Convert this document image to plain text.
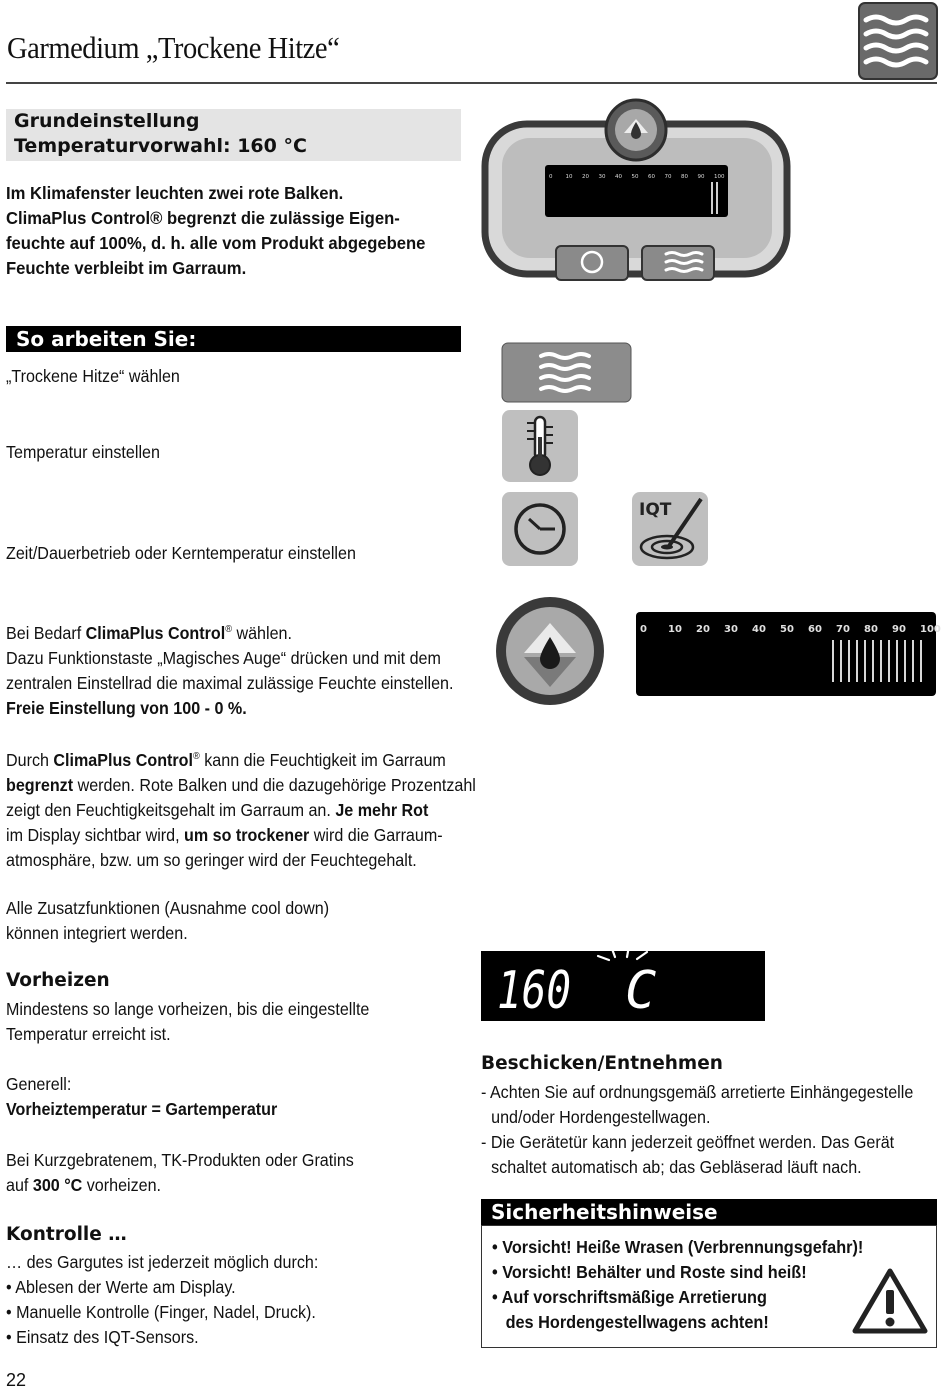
Garmedium „Trockene Hitze“
Grundeinstellung
Temperaturvorwahl: 160 °C
Im Klimafenster leuchten zwei rote Balken.
ClimaPlus Control® begrenzt die zulässige Eigen-
feuchte auf 100%, d. h. alle vom Produkt abgegebene
Feuchte verbleibt im Garraum.
0 10 20 30 40 50 60 70 80 90 100
So arbeiten Sie:
„Trockene Hitze“ wählen
Temperatur einstellen
Zeit/Dauerbetrieb oder Kerntemperatur einstellen
IQT
Bei Bedarf ClimaPlus Control® wählen.
Dazu Funktionstaste „Magisches Auge“ drücken und mit dem
zentralen Einstellrad die maximal zulässige Feuchte einstellen.
Freie Einstellung von 100 - 0 %.
0 10 20 30 40 50 60 70 80 90 100
Durch ClimaPlus Control® kann die Feuchtigkeit im Garraum
begrenzt werden. Rote Balken und die dazugehörige Prozentzahl
zeigt den Feuchtigkeitsgehalt im Garraum an. Je mehr Rot
im Display sichtbar wird, um so trockener wird die Garraum-
atmosphäre, bzw. um so geringer wird der Feuchtegehalt.
Alle Zusatzfunktionen (Ausnahme cool down)
können integriert werden.
Vorheizen
Mindestens so lange vorheizen, bis die eingestellte
Temperatur erreicht ist.
Generell:
Vorheiztemperatur = Gartemperatur
Bei Kurzgebratenem, TK-Produkten oder Gratins
auf 300 °C vorheizen.
Kontrolle …
… des Gargutes ist jederzeit möglich durch:
• Ablesen der Werte am Display.
• Manuelle Kontrolle (Finger, Nadel, Druck).
• Einsatz des IQT-Sensors.
160 C
Beschicken/Entnehmen
- Achten Sie auf ordnungsgemäß arretierte Einhängegestelle
und/oder Hordengestellwagen.
- Die Gerätetür kann jederzeit geöffnet werden. Das Gerät
schaltet automatisch ab; das Gebläserad läuft nach.
Sicherheitshinweise
• Vorsicht! Heiße Wrasen (Verbrennungsgefahr)!
• Vorsicht! Behälter und Roste sind heiß!
• Auf vorschriftsmäßige Arretierung
des Hordengestellwagens achten!
22
